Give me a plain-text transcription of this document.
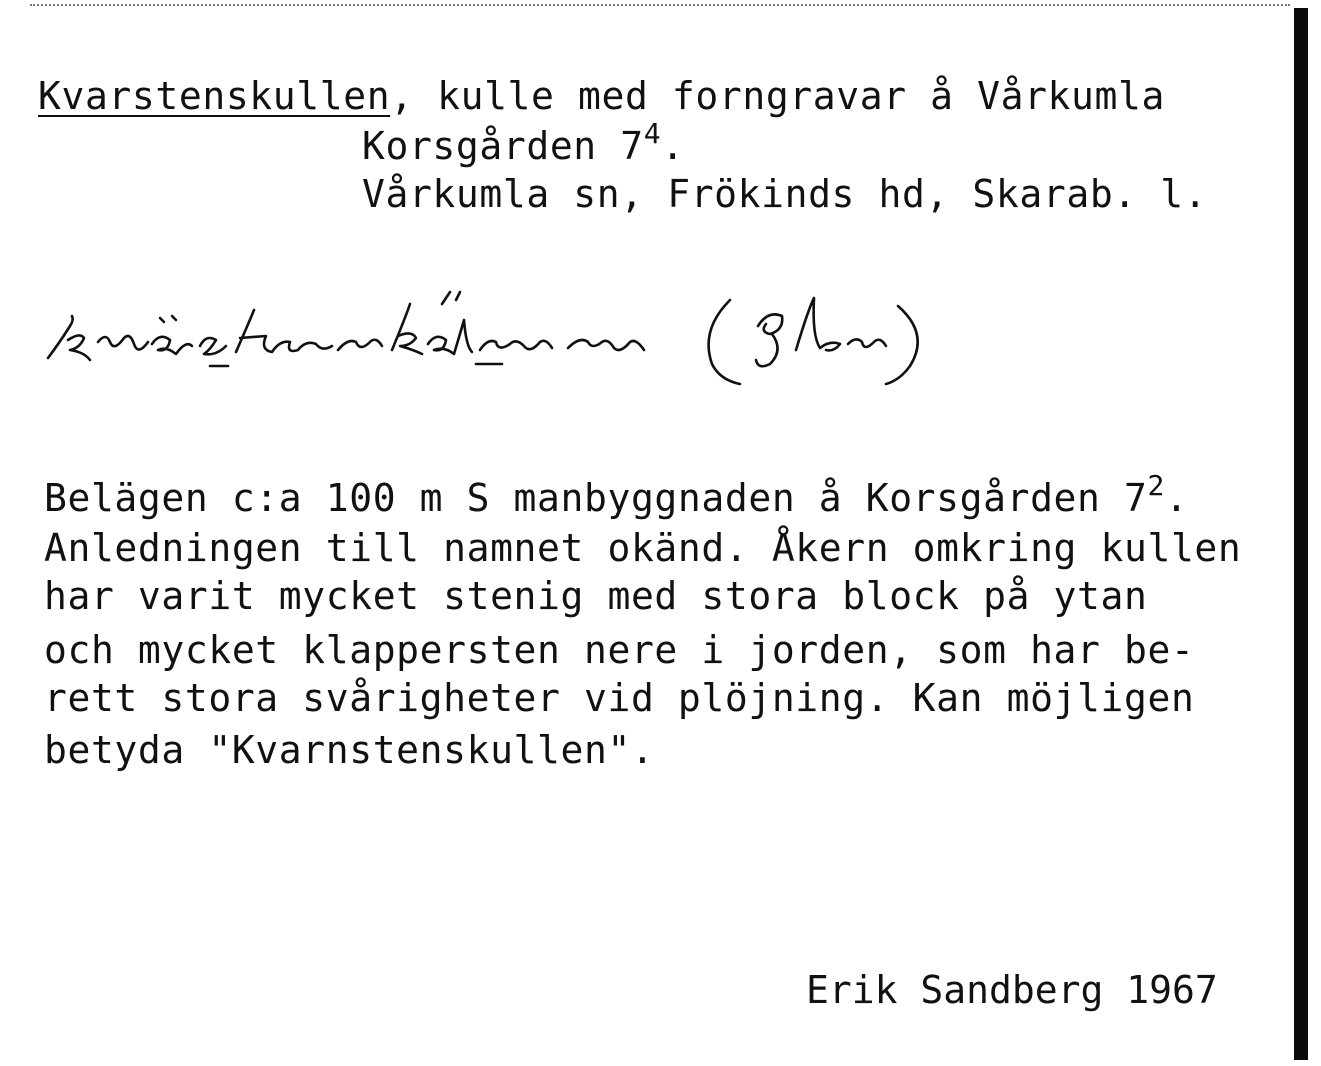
Kvarstenskullen, kulle med forngravar å Vårkumla
Korsgården $7^4$.
Vårkumla sn, Frökinds hd, Skarab. l.
Belägen c:a 100 m S manbyggnaden å Korsgården $7^2$.
Anledningen till namnet okänd. Åkern omkring kullen
har varit mycket stenig med stora block på ytan
och mycket klappersten nere i jorden, som har be-
rett stora svårigheter vid plöjning. Kan möjligen
betyda "Kvarnstenskullen".
Erik Sandberg 1967
